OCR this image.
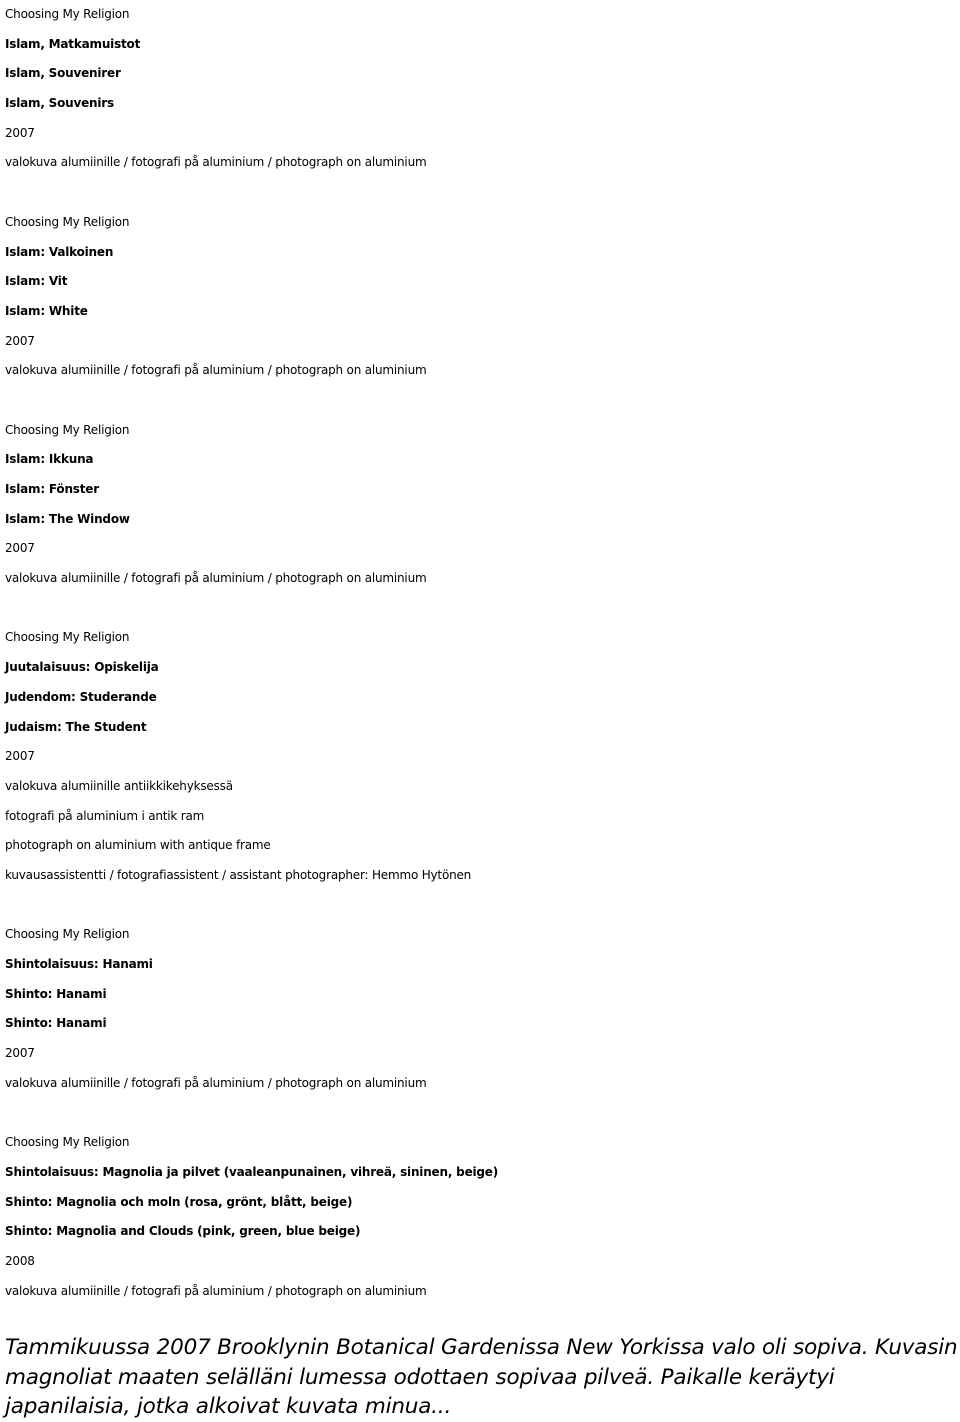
Choosing My Religion
Islam, Matkamuistot
Islam, Souvenirer
Islam, Souvenirs
2007
valokuva alumiinille / fotografi på aluminium / photograph on aluminium
Choosing My Religion
Islam: Valkoinen
Islam: Vit
Islam: White
2007
valokuva alumiinille / fotografi på aluminium / photograph on aluminium
Choosing My Religion
Islam: Ikkuna
Islam: Fönster
Islam: The Window
2007
valokuva alumiinille / fotografi på aluminium / photograph on aluminium
Choosing My Religion
Juutalaisuus: Opiskelija
Judendom: Studerande
Judaism: The Student
2007
valokuva alumiinille antiikkikehyksessä
fotografi på aluminium i antik ram
photograph on aluminium with antique frame
kuvausassistentti / fotografiassistent / assistant photographer: Hemmo Hytönen
Choosing My Religion
Shintolaisuus: Hanami
Shinto: Hanami
Shinto: Hanami
2007
valokuva alumiinille / fotografi på aluminium / photograph on aluminium
Choosing My Religion
Shintolaisuus: Magnolia ja pilvet (vaaleanpunainen, vihreä, sininen, beige)
Shinto: Magnolia och moln (rosa, grönt, blått, beige)
Shinto: Magnolia and Clouds (pink, green, blue beige)
2008
valokuva alumiinille / fotografi på aluminium / photograph on aluminium
Tammikuussa 2007 Brooklynin Botanical Gardenissa New Yorkissa valo oli sopiva. Kuvasin magnoliat maaten selälläni lumessa odottaen sopivaa pilveä. Paikalle keräytyi japanilaisia, jotka alkoivat kuvata minua...
